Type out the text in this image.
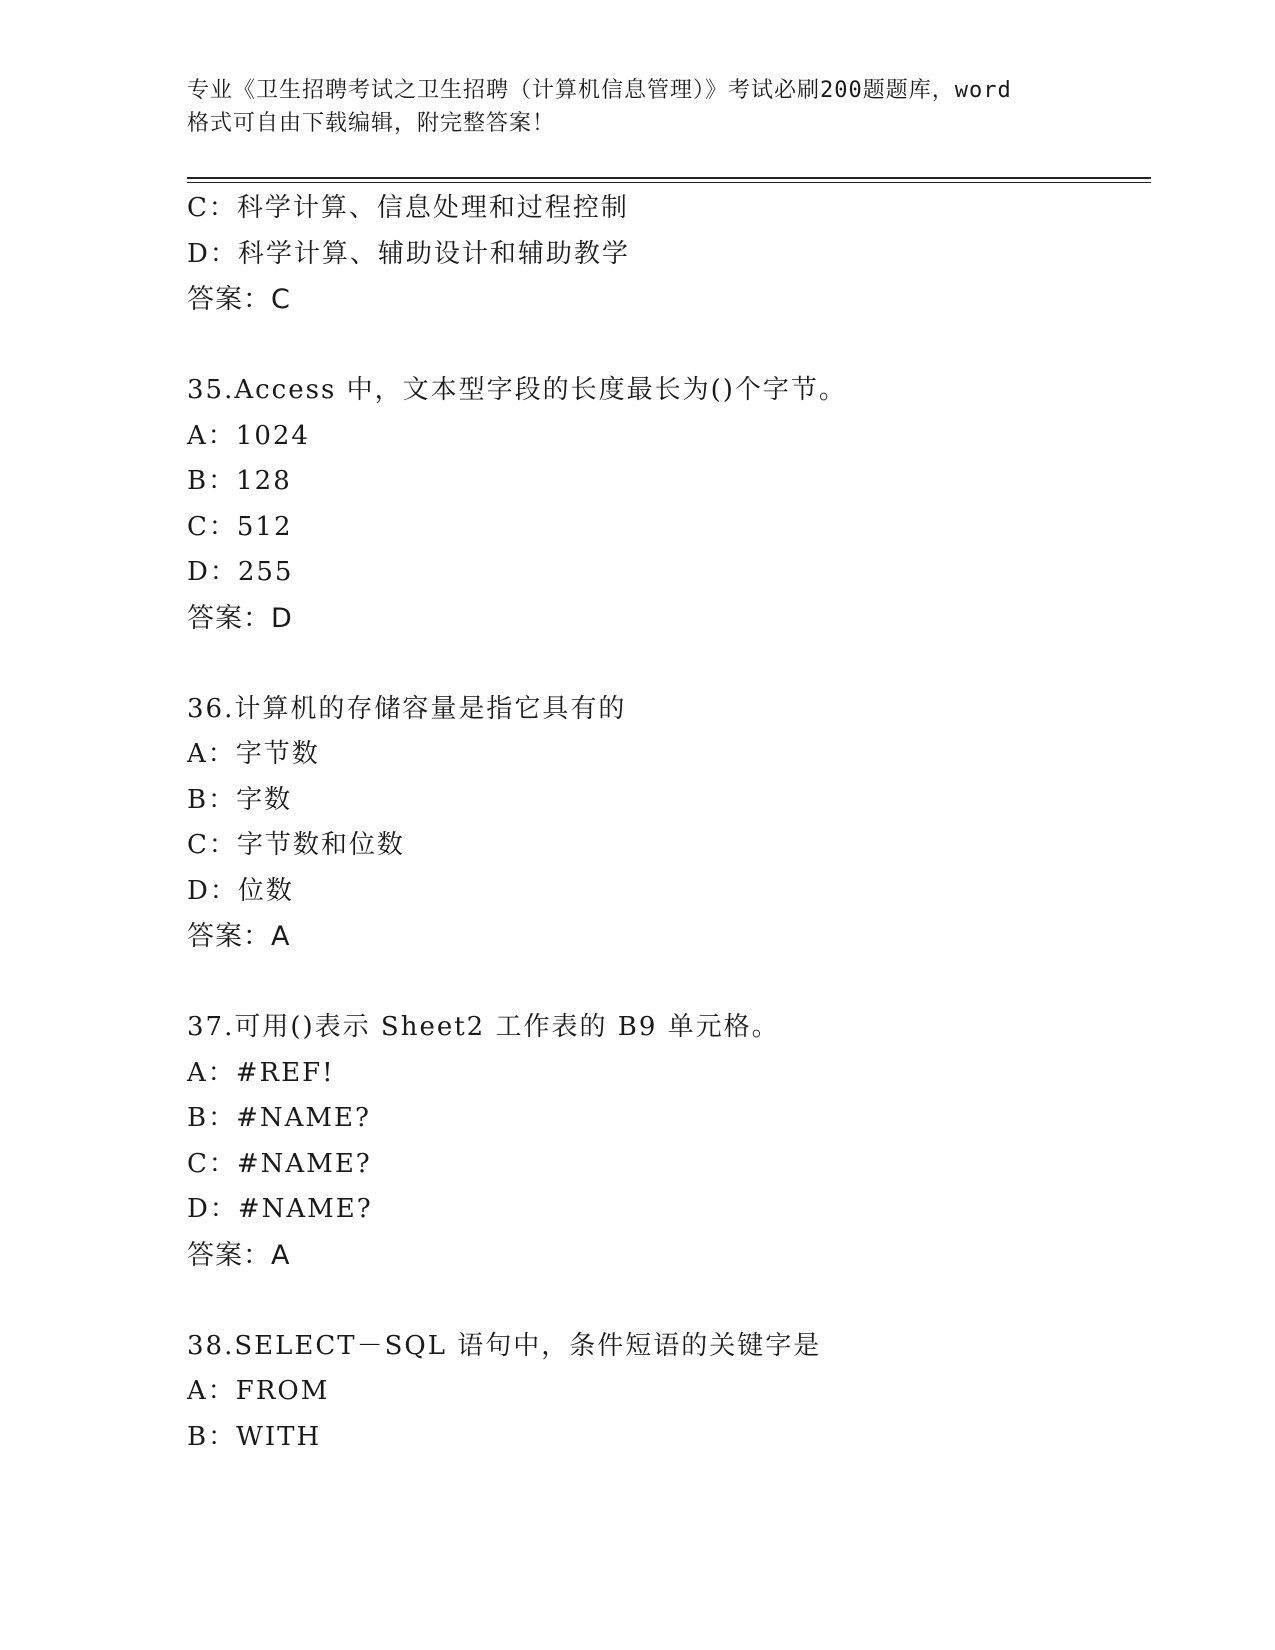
专业《卫生招聘考试之卫生招聘（计算机信息管理）》考试必刷200题题库，word
格式可自由下载编辑，附完整答案！
C：科学计算、信息处理和过程控制
D：科学计算、辅助设计和辅助教学
答案：C
35.Access 中，文本型字段的长度最长为()个字节。
A：1024
B：128
C：512
D：255
答案：D
36.计算机的存储容量是指它具有的
A：字节数
B：字数
C：字节数和位数
D：位数
答案：A
37.可用()表示 Sheet2 工作表的 B9 单元格。
A：#REF!
B：#NAME?
C：#NAME?
D：#NAME?
答案：A
38.SELECT－SQL 语句中，条件短语的关键字是
A：FROM
B：WITH
